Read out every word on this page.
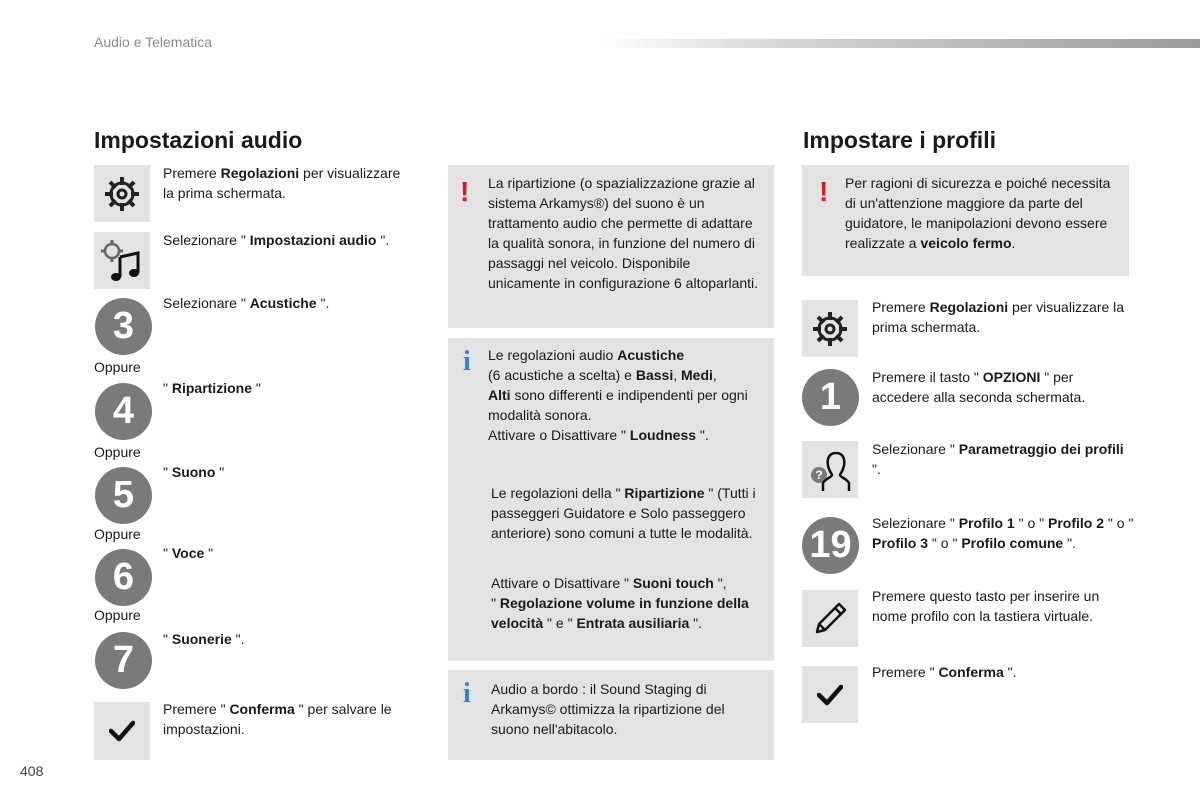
Audio e Telematica
Impostazioni audio
Premere Regolazioni per visualizzare la prima schermata.
Selezionare " Impostazioni audio ".
3
Selezionare " Acustiche ".
Oppure
4
" Ripartizione "
Oppure
5
" Suono "
Oppure
6
" Voce "
Oppure
7	" Suonerie ".
Premere " Conferma " per salvare le impostazioni.
! La ripartizione (o spazializzazione grazie al sistema Arkamys®) del suono è un trattamento audio che permette di adattare la qualità sonora, in funzione del numero di passaggi nel veicolo. Disponibile unicamente in configurazione 6 altoparlanti.
i Le regolazioni audio Acustiche
(6 acustiche a scelta) e Bassi, Medi,
Alti sono differenti e indipendenti per ogni modalità sonora.
Attivare o Disattivare " Loudness ".
Le regolazioni della " Ripartizione " (Tutti i passeggeri Guidatore e Solo passeggero anteriore) sono comuni a tutte le modalità.
Attivare o Disattivare " Suoni touch ",
" Regolazione volume in funzione della velocità " e " Entrata ausiliaria ".
i Audio a bordo : il Sound Staging di Arkamys© ottimizza la ripartizione del suono nell'abitacolo.
Impostare i profili
! Per ragioni di sicurezza e poiché necessita di un'attenzione maggiore da parte del guidatore, le manipolazioni devono essere realizzate a veicolo fermo.
Premere Regolazioni per visualizzare la prima schermata.
1	Premere il tasto " OPZIONI " per accedere alla seconda schermata.
?
Selezionare " Parametraggio dei profili ".
19
Selezionare " Profilo 1 " o " Profilo 2 " o " Profilo 3 " o " Profilo comune ".
Premere questo tasto per inserire un nome profilo con la tastiera virtuale.
Premere " Conferma ".
408
